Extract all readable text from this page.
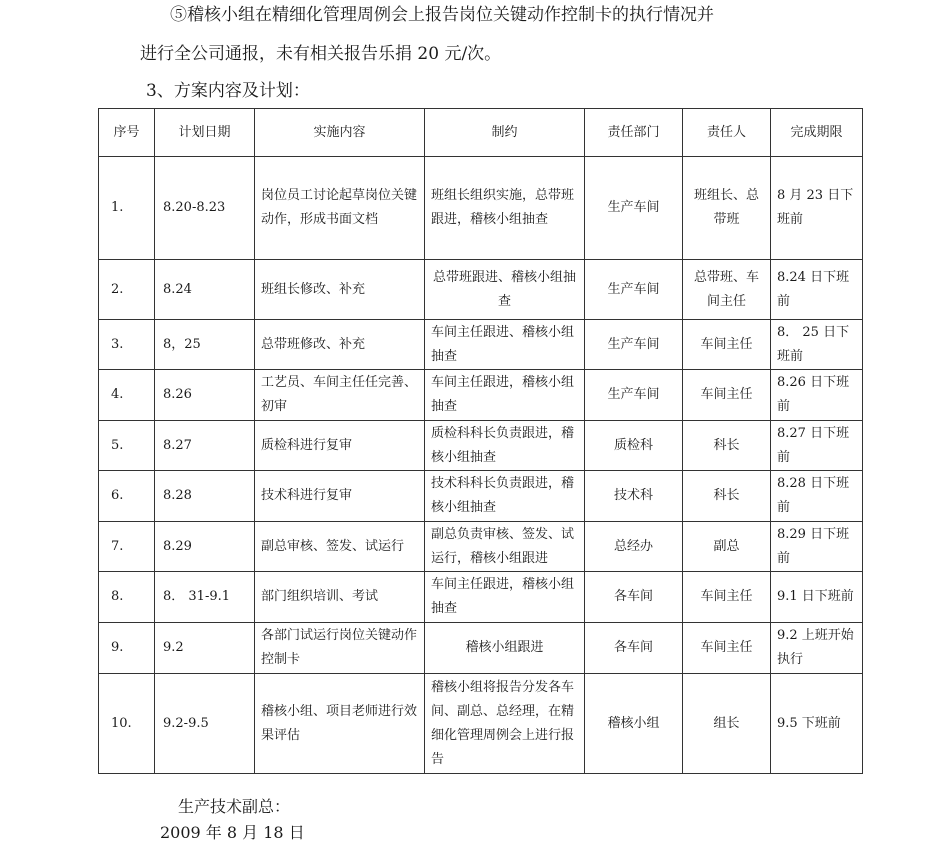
⑤稽核小组在精细化管理周例会上报告岗位关键动作控制卡的执行情况并
进行全公司通报，未有相关报告乐捐 20 元/次。
3、方案内容及计划：
序号	计划日期	实施内容	制约	责任部门	责任人	完成期限
1.	8.20-8.23	岗位员工讨论起草岗位关键动作，形成书面文档	班组长组织实施，总带班跟进，稽核小组抽查	生产车间	班组长、总带班	8 月 23 日下班前
2.	8.24	班组长修改、补充	总带班跟进、稽核小组抽查	生产车间	总带班、车间主任	8.24 日下班前
3.	8，25	总带班修改、补充	车间主任跟进、稽核小组抽查	生产车间	车间主任	8． 25 日下班前
4.	8.26	工艺员、车间主任任完善、初审	车间主任跟进，稽核小组抽查	生产车间	车间主任	8.26 日下班前
5.	8.27	质检科进行复审	质检科科长负责跟进，稽核小组抽查	质检科	科长	8.27 日下班前
6.	8.28	技术科进行复审	技术科科长负责跟进，稽核小组抽查	技术科	科长	8.28 日下班前
7.	8.29	副总审核、签发、试运行	副总负责审核、签发、试运行，稽核小组跟进	总经办	副总	8.29 日下班前
8.	8． 31-9.1	部门组织培训、考试	车间主任跟进，稽核小组抽查	各车间	车间主任	9.1 日下班前
9.	9.2	各部门试运行岗位关键动作控制卡	稽核小组跟进	各车间	车间主任	9.2 上班开始执行
10.	9.2-9.5	稽核小组、项目老师进行效果评估	稽核小组将报告分发各车间、副总、总经理，在精细化管理周例会上进行报告	稽核小组	组长	9.5 下班前
生产技术副总：
2009 年 8 月 18 日
